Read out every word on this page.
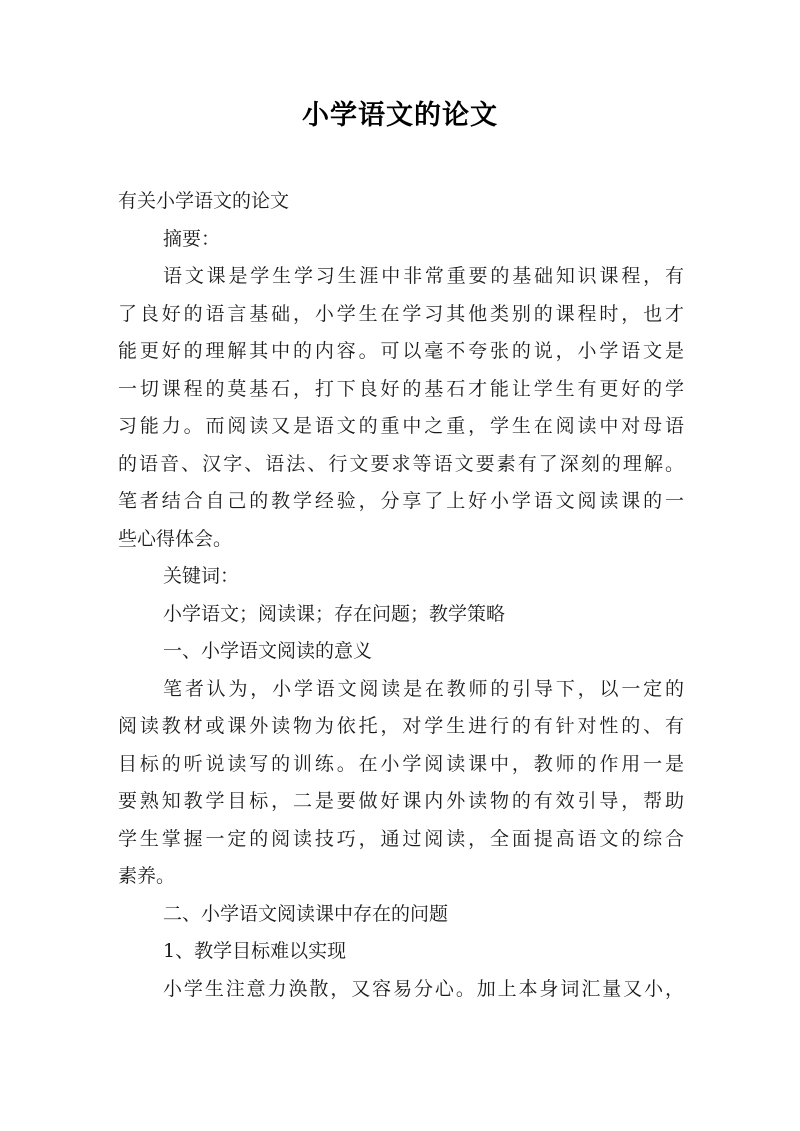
小学语文的论文
有关小学语文的论文
摘要：
语文课是学生学习生涯中非常重要的基础知识课程，有
了良好的语言基础，小学生在学习其他类别的课程时，也才
能更好的理解其中的内容。可以毫不夸张的说，小学语文是
一切课程的莫基石，打下良好的基石才能让学生有更好的学
习能力。而阅读又是语文的重中之重，学生在阅读中对母语
的语音、汉字、语法、行文要求等语文要素有了深刻的理解。
笔者结合自己的教学经验，分享了上好小学语文阅读课的一
些心得体会。
关键词：
小学语文；阅读课；存在问题；教学策略
一、小学语文阅读的意义
笔者认为，小学语文阅读是在教师的引导下，以一定的
阅读教材或课外读物为依托，对学生进行的有针对性的、有
目标的听说读写的训练。在小学阅读课中，教师的作用一是
要熟知教学目标，二是要做好课内外读物的有效引导，帮助
学生掌握一定的阅读技巧，通过阅读，全面提高语文的综合
素养。
二、小学语文阅读课中存在的问题
1、教学目标难以实现
小学生注意力涣散，又容易分心。加上本身词汇量又小，
